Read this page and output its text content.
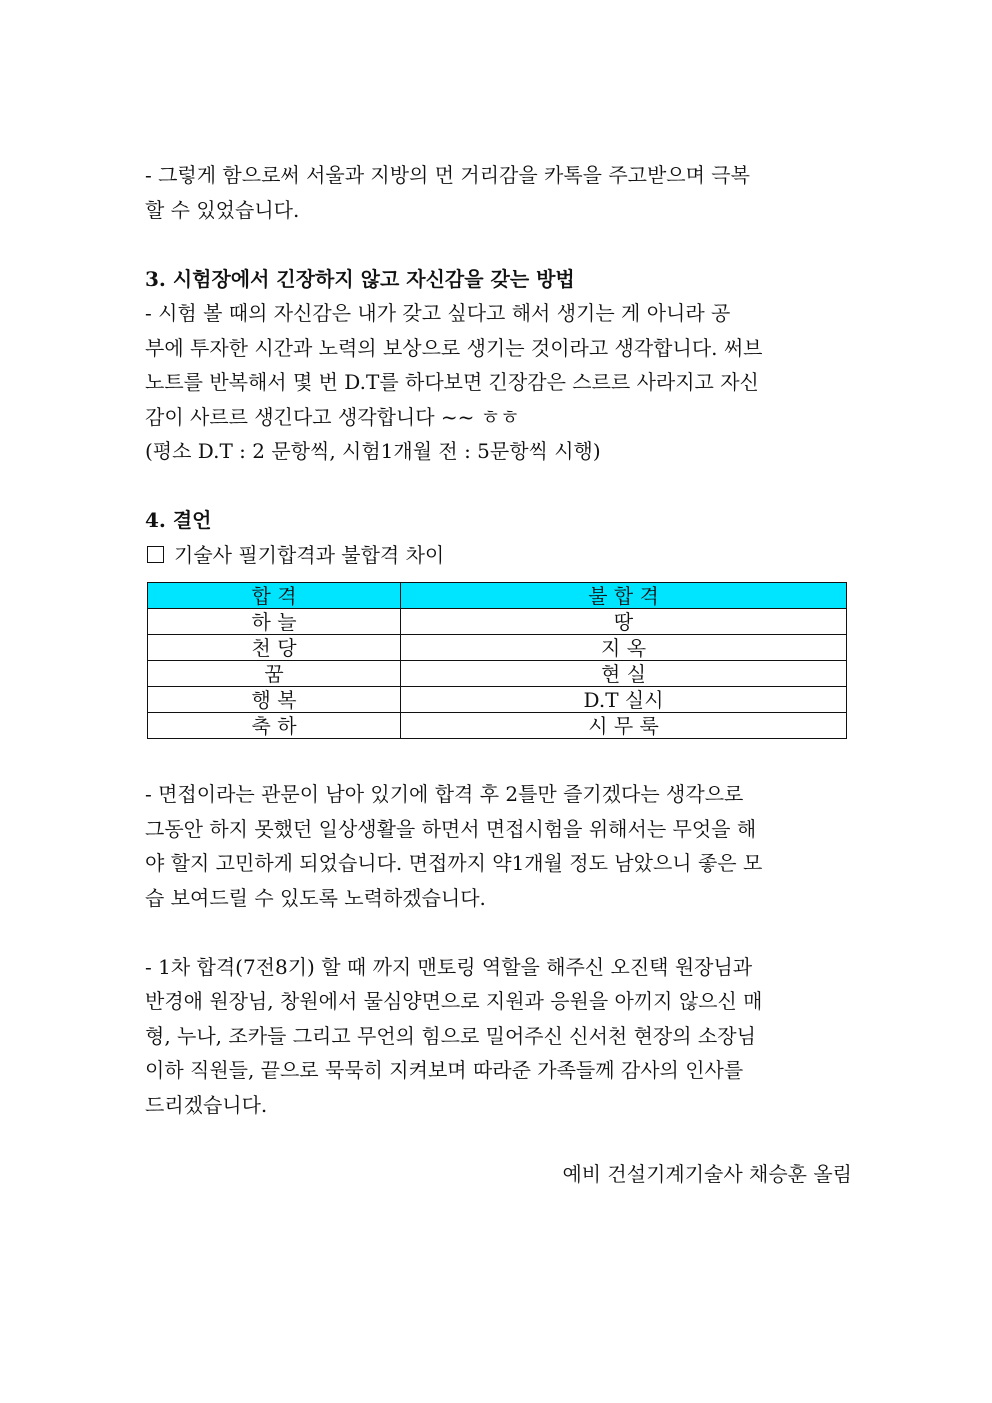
- 그렇게 함으로써 서울과 지방의 먼 거리감을 카톡을 주고받으며 극복
할 수 있었습니다.

3. 시험장에서 긴장하지 않고 자신감을 갖는 방법

- 시험 볼 때의 자신감은 내가 갖고 싶다고 해서 생기는 게 아니라 공
부에 투자한 시간과 노력의 보상으로 생기는 것이라고 생각합니다. 써브
노트를 반복해서 몇 번 D.T를 하다보면 긴장감은 스르르 사라지고 자신
감이 사르르 생긴다고 생각합니다 ~~ ㅎㅎ
(평소 D.T : 2 문항씩, 시험1개월 전 : 5문항씩 시행)

4. 결언

기술사 필기합격과 불합격 차이

합 격	불 합 격
하 늘	땅
천 당	지 옥
꿈	현 실
행 복	D.T 실시
축 하	시 무 룩
- 면접이라는 관문이 남아 있기에 합격 후 2틀만 즐기겠다는 생각으로
그동안 하지 못했던 일상생활을 하면서 면접시험을 위해서는 무엇을 해
야 할지 고민하게 되었습니다. 면접까지 약1개월 정도 남았으니 좋은 모
습 보여드릴 수 있도록 노력하겠습니다.
- 1차 합격(7전8기) 할 때 까지 맨토링 역할을 해주신 오진택 원장님과
반경애 원장님, 창원에서 물심양면으로 지원과 응원을 아끼지 않으신 매
형, 누나, 조카들 그리고 무언의 힘으로 밀어주신 신서천 현장의 소장님
이하 직원들, 끝으로 묵묵히 지켜보며 따라준 가족들께 감사의 인사를
드리겠습니다.

예비 건설기계기술사 채승훈 올림
